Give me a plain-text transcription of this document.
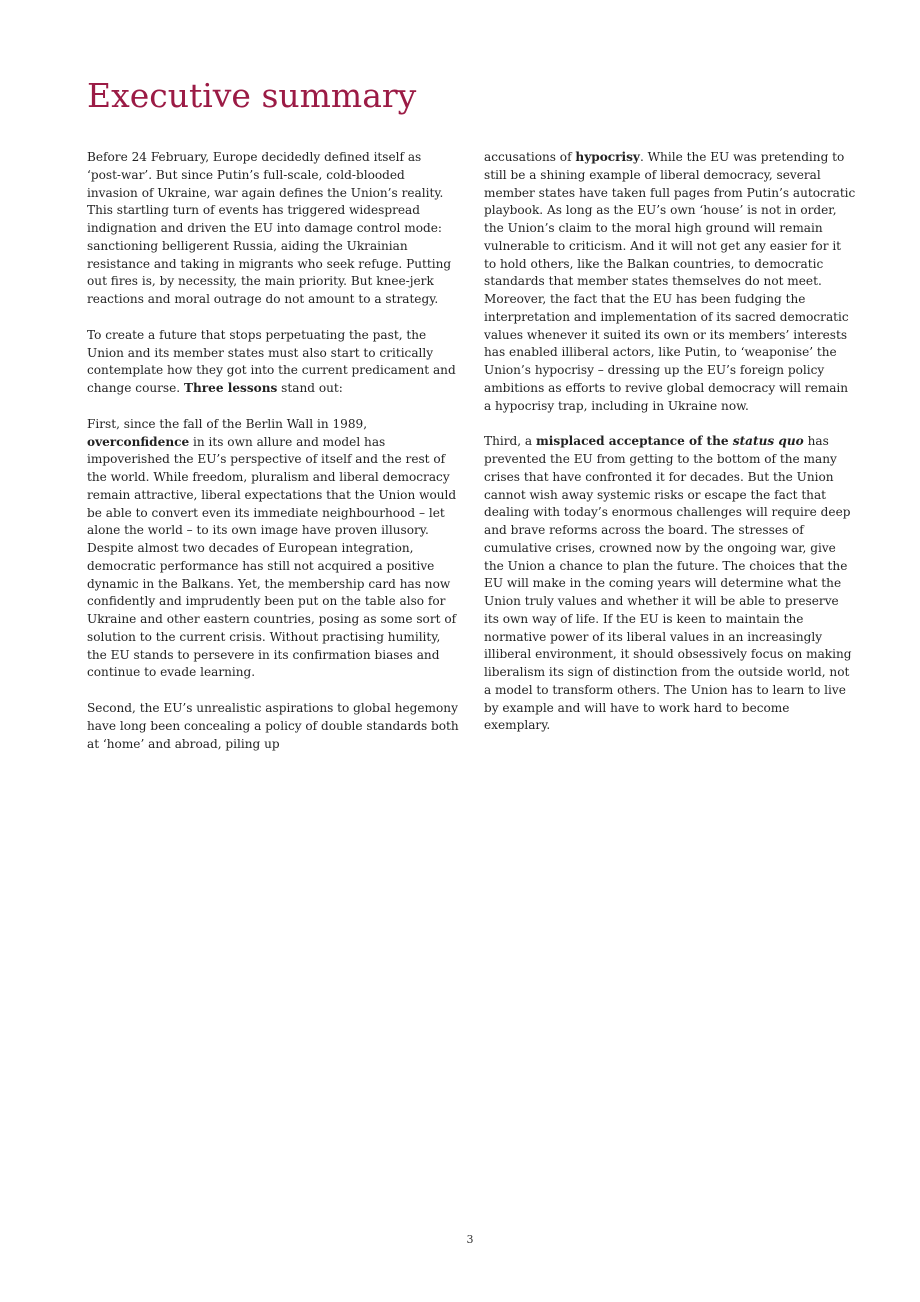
Executive summary

Before 24 February, Europe decidedly defined itself as ‘post-war’. But since Putin’s full-scale, cold-blooded invasion of Ukraine, war again defines the Union’s reality. This startling turn of events has triggered widespread indignation and driven the EU into damage control mode: sanctioning belligerent Russia, aiding the Ukrainian resistance and taking in migrants who seek refuge. Putting out fires is, by necessity, the main priority. But knee-jerk reactions and moral outrage do not amount to a strategy.

To create a future that stops perpetuating the past, the Union and its member states must also start to critically contemplate how they got into the current predicament and change course. Three lessons stand out:

First, since the fall of the Berlin Wall in 1989, overconfidence in its own allure and model has impoverished the EU’s perspective of itself and the rest of the world. While freedom, pluralism and liberal democracy remain attractive, liberal expectations that the Union would be able to convert even its immediate neighbourhood – let alone the world – to its own image have proven illusory. Despite almost two decades of European integration, democratic performance has still not acquired a positive dynamic in the Balkans. Yet, the membership card has now confidently and imprudently been put on the table also for Ukraine and other eastern countries, posing as some sort of solution to the current crisis. Without practising humility, the EU stands to persevere in its confirmation biases and continue to evade learning.

Second, the EU’s unrealistic aspirations to global hegemony have long been concealing a policy of double standards both at ‘home’ and abroad, piling up

accusations of hypocrisy. While the EU was pretending to still be a shining example of liberal democracy, several member states have taken full pages from Putin’s autocratic playbook. As long as the EU’s own ‘house’ is not in order, the Union’s claim to the moral high ground will remain vulnerable to criticism. And it will not get any easier for it to hold others, like the Balkan countries, to democratic standards that member states themselves do not meet. Moreover, the fact that the EU has been fudging the interpretation and implementation of its sacred democratic values whenever it suited its own or its members’ interests has enabled illiberal actors, like Putin, to ‘weaponise’ the Union’s hypocrisy – dressing up the EU’s foreign policy ambitions as efforts to revive global democracy will remain a hypocrisy trap, including in Ukraine now.

Third, a misplaced acceptance of the status quo has prevented the EU from getting to the bottom of the many crises that have confronted it for decades. But the Union cannot wish away systemic risks or escape the fact that dealing with today’s enormous challenges will require deep and brave reforms across the board. The stresses of cumulative crises, crowned now by the ongoing war, give the Union a chance to plan the future. The choices that the EU will make in the coming years will determine what the Union truly values and whether it will be able to preserve its own way of life. If the EU is keen to maintain the normative power of its liberal values in an increasingly illiberal environment, it should obsessively focus on making liberalism its sign of distinction from the outside world, not a model to transform others. The Union has to learn to live by example and will have to work hard to become exemplary.

3
